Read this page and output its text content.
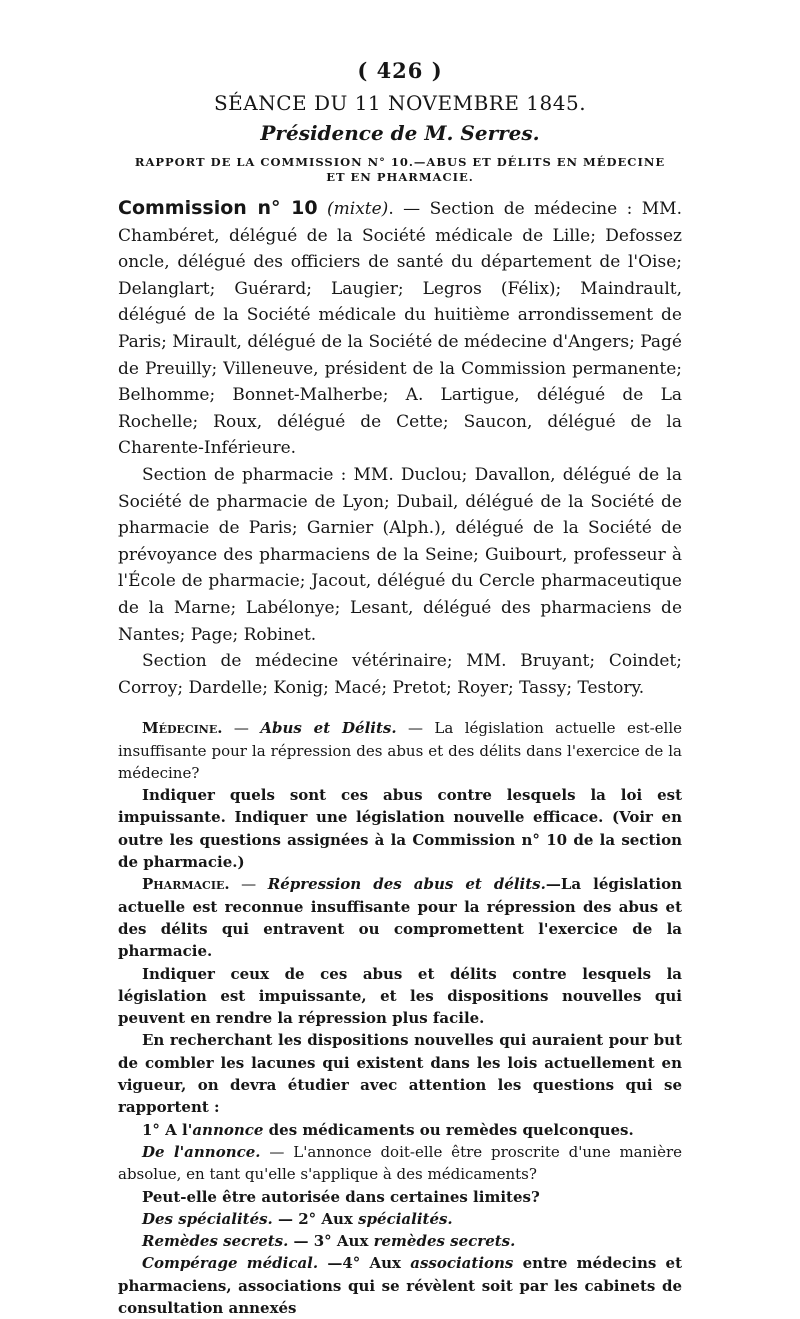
( 426 )
SÉANCE DU 11 NOVEMBRE 1845.
Présidence de M. Serres.
RAPPORT DE LA COMMISSION N° 10.—ABUS ET DÉLITS EN MÉDECINE
ET EN PHARMACIE.

Commission n° 10 (mixte). — Section de médecine : MM. Chambéret, délégué de la Société médicale de Lille; Defossez oncle, délégué des officiers de santé du département de l'Oise; Delanglart; Guérard; Laugier; Legros (Félix); Maindrault, délégué de la Société médicale du huitième arrondissement de Paris; Mirault, délégué de la Société de médecine d'Angers; Pagé de Preuilly; Villeneuve, président de la Commission permanente; Belhomme; Bonnet-Malherbe; A. Lartigue, délégué de La Rochelle; Roux, délégué de Cette; Saucon, délégué de la Charente-Inférieure.

Section de pharmacie : MM. Duclou; Davallon, délégué de la Société de pharmacie de Lyon; Dubail, délégué de la Société de pharmacie de Paris; Garnier (Alph.), délégué de la Société de prévoyance des pharmaciens de la Seine; Guibourt, professeur à l'École de pharmacie; Jacout, délégué du Cercle pharmaceutique de la Marne; Labélonye; Lesant, délégué des pharmaciens de Nantes; Page; Robinet.

Section de médecine vétérinaire; MM. Bruyant; Coindet; Corroy; Dardelle; Konig; Macé; Pretot; Royer; Tassy; Testory.

Médecine. — Abus et Délits. — La législation actuelle est-elle insuffisante pour la répression des abus et des délits dans l'exercice de la médecine?

Indiquer quels sont ces abus contre lesquels la loi est impuissante. Indiquer une législation nouvelle efficace. (Voir en outre les questions assignées à la Commission n° 10 de la section de pharmacie.)

Pharmacie. — Répression des abus et délits.—La législation actuelle est reconnue insuffisante pour la répression des abus et des délits qui entravent ou compromettent l'exercice de la pharmacie.

Indiquer ceux de ces abus et délits contre lesquels la législation est impuissante, et les dispositions nouvelles qui peuvent en rendre la répression plus facile.

En recherchant les dispositions nouvelles qui auraient pour but de combler les lacunes qui existent dans les lois actuellement en vigueur, on devra étudier avec attention les questions qui se rapportent :

1° A l'annonce des médicaments ou remèdes quelconques.

De l'annonce. — L'annonce doit-elle être proscrite d'une manière absolue, en tant qu'elle s'applique à des médicaments?

Peut-elle être autorisée dans certaines limites?

Des spécialités. — 2° Aux spécialités.

Remèdes secrets. — 3° Aux remèdes secrets.

Compérage médical. —4° Aux associations entre médecins et pharmaciens, associations qui se révèlent soit par les cabinets de consultation annexés
